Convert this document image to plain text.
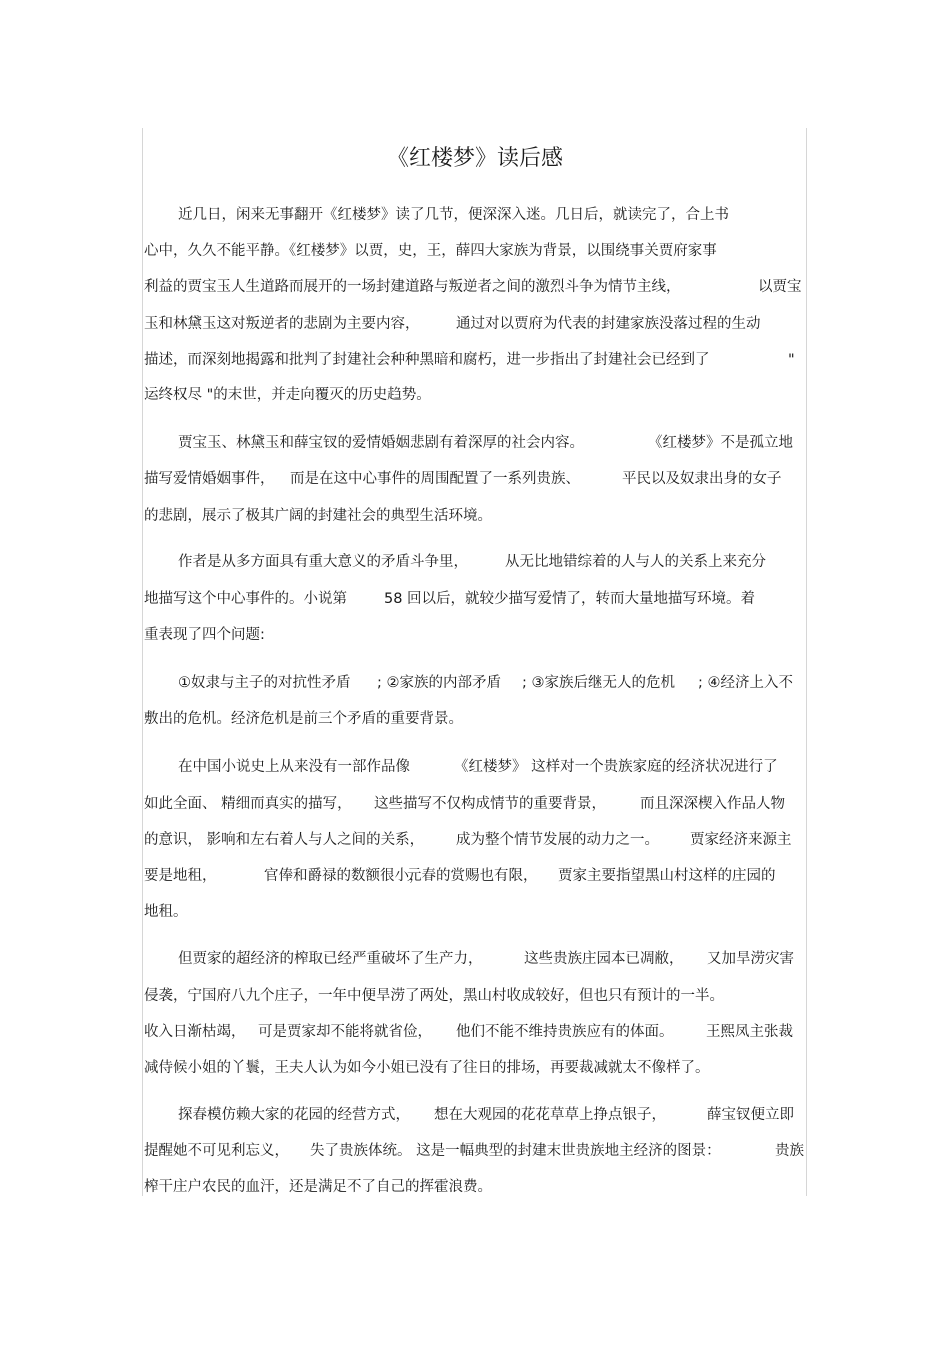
《红楼梦》读后感
近几日，闲来无事翻开《红楼梦》读了几节，便深深入迷。几日后，就读完了，合上书
心中，久久不能平静。《红楼梦》以贾，史，王，薛四大家族为背景，以围绕事关贾府家事
利益的贾宝玉人生道路而展开的一场封建道路与叛逆者之间的激烈斗争为情节主线，	以贾宝
玉和林黛玉这对叛逆者的悲剧为主要内容，	通过对以贾府为代表的封建家族没落过程的生动
描述，而深刻地揭露和批判了封建社会种种黑暗和腐朽，进一步指出了封建社会已经到了	"
运终权尽 "的末世，并走向覆灭的历史趋势。
贾宝玉、林黛玉和薛宝钗的爱情婚姻悲剧有着深厚的社会内容。	《红楼梦》不是孤立地
描写爱情婚姻事件， 而是在这中心事件的周围配置了一系列贵族、	平民以及奴隶出身的女子
的悲剧，展示了极其广阔的封建社会的典型生活环境。
作者是从多方面具有重大意义的矛盾斗争里，	从无比地错综着的人与人的关系上来充分
地描写这个中心事件的。小说第	58 回以后，就较少描写爱情了，转而大量地描写环境。着
重表现了四个问题:
①奴隶与主子的对抗性矛盾 ; ②家族的内部矛盾 ; ③家族后继无人的危机 ; ④经济上入不
敷出的危机。经济危机是前三个矛盾的重要背景。
在中国小说史上从来没有一部作品像	《红楼梦》 这样对一个贵族家庭的经济状况进行了
如此全面、 精细而真实的描写， 这些描写不仅构成情节的重要背景， 而且深深楔入作品人物
的意识， 影响和左右着人与人之间的关系， 成为整个情节发展的动力之一。 贾家经济来源主
要是地租，	官俸和爵禄的数额很小，
元春的赏赐也有限， 贾家主要指望黑山村这样的庄园的
地租。
但贾家的超经济的榨取已经严重破坏了生产力，	这些贵族庄园本已凋敝， 又加旱涝灾害
侵袭，宁国府八九个庄子，一年中便旱涝了两处，黑山村收成较好，但也只有预计的一半。
收入日渐枯竭， 可是贾家却不能将就省俭， 他们不能不维持贵族应有的体面。 王熙凤主张裁
减侍候小姐的丫鬟，王夫人认为如今小姐已没有了往日的排场，再要裁减就太不像样了。
探春模仿赖大家的花园的经营方式， 想在大观园的花花草草上挣点银子，	薛宝钗便立即
提醒她不可见利忘义， 失了贵族体统。 这是一幅典型的封建末世贵族地主经济的图景：	贵族
榨干庄户农民的血汗，还是满足不了自己的挥霍浪费。
